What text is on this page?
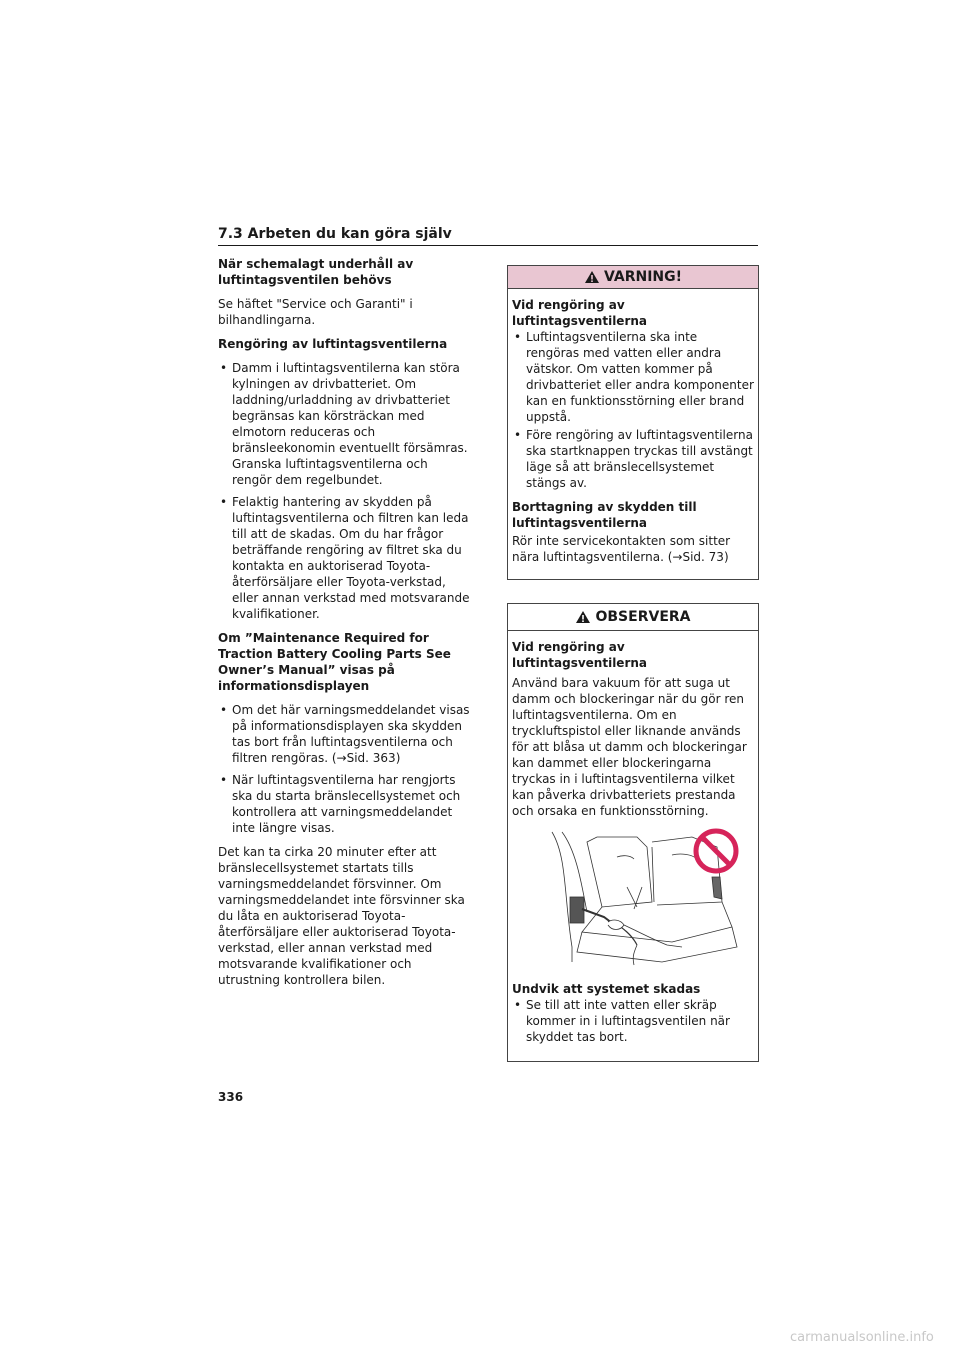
7.3 Arbeten du kan göra själv
När schemalagt underhåll av luftintagsventilen behövs

Se häftet "Service och Garanti" i bilhandlingarna.

Rengöring av luftintagsventilerna
• Damm i luftintagsventilerna kan störa kylningen av drivbatteriet. Om laddning/urladdning av drivbatteriet begränsas kan körsträckan med elmotorn reduceras och bränsleekonomin eventuellt försämras. Granska luftintagsventilerna och rengör dem regelbundet.
• Felaktig hantering av skydden på luftintagsventilerna och filtren kan leda till att de skadas. Om du har frågor beträffande rengöring av filtret ska du kontakta en auktoriserad Toyota-återförsäljare eller Toyota-verkstad, eller annan verkstad med motsvarande kvalifikationer.
Om ”Maintenance Required for Traction Battery Cooling Parts See Owner’s Manual” visas på informationsdisplayen
• Om det här varningsmeddelandet visas på informationsdisplayen ska skydden tas bort från luftintagsventilerna och filtren rengöras. (→Sid. 363)
• När luftintagsventilerna har rengjorts ska du starta bränslecellsystemet och kontrollera att varningsmeddelandet inte längre visas.

Det kan ta cirka 20 minuter efter att bränslecellsystemet startats tills varningsmeddelandet försvinner. Om varningsmeddelandet inte försvinner ska du låta en auktoriserad Toyota-återförsäljare eller auktoriserad Toyota-verkstad, eller annan verkstad med motsvarande kvalifikationer och utrustning kontrollera bilen.

VARNING!
Vid rengöring av luftintagsventilerna
• Luftintagsventilerna ska inte rengöras med vatten eller andra vätskor. Om vatten kommer på drivbatteriet eller andra komponenter kan en funktionsstörning eller brand uppstå.
• Före rengöring av luftintagsventilerna ska startknappen tryckas till avstängt läge så att bränslecellsystemet stängs av.
Borttagning av skydden till luftintagsventilerna

Rör inte servicekontakten som sitter nära luftintagsventilerna. (→Sid. 73)

OBSERVERA
Vid rengöring av luftintagsventilerna

Använd bara vakuum för att suga ut damm och blockeringar när du gör ren luftintagsventilerna. Om en tryckluftspistol eller liknande används för att blåsa ut damm och blockeringar kan dammet eller blockeringarna tryckas in i luftintagsventilerna vilket kan påverka drivbatteriets prestanda och orsaka en funktionsstörning.

Undvik att systemet skadas
• Se till att inte vatten eller skräp kommer in i luftintagsventilen när skyddet tas bort.
336
carmanualsonline.info
